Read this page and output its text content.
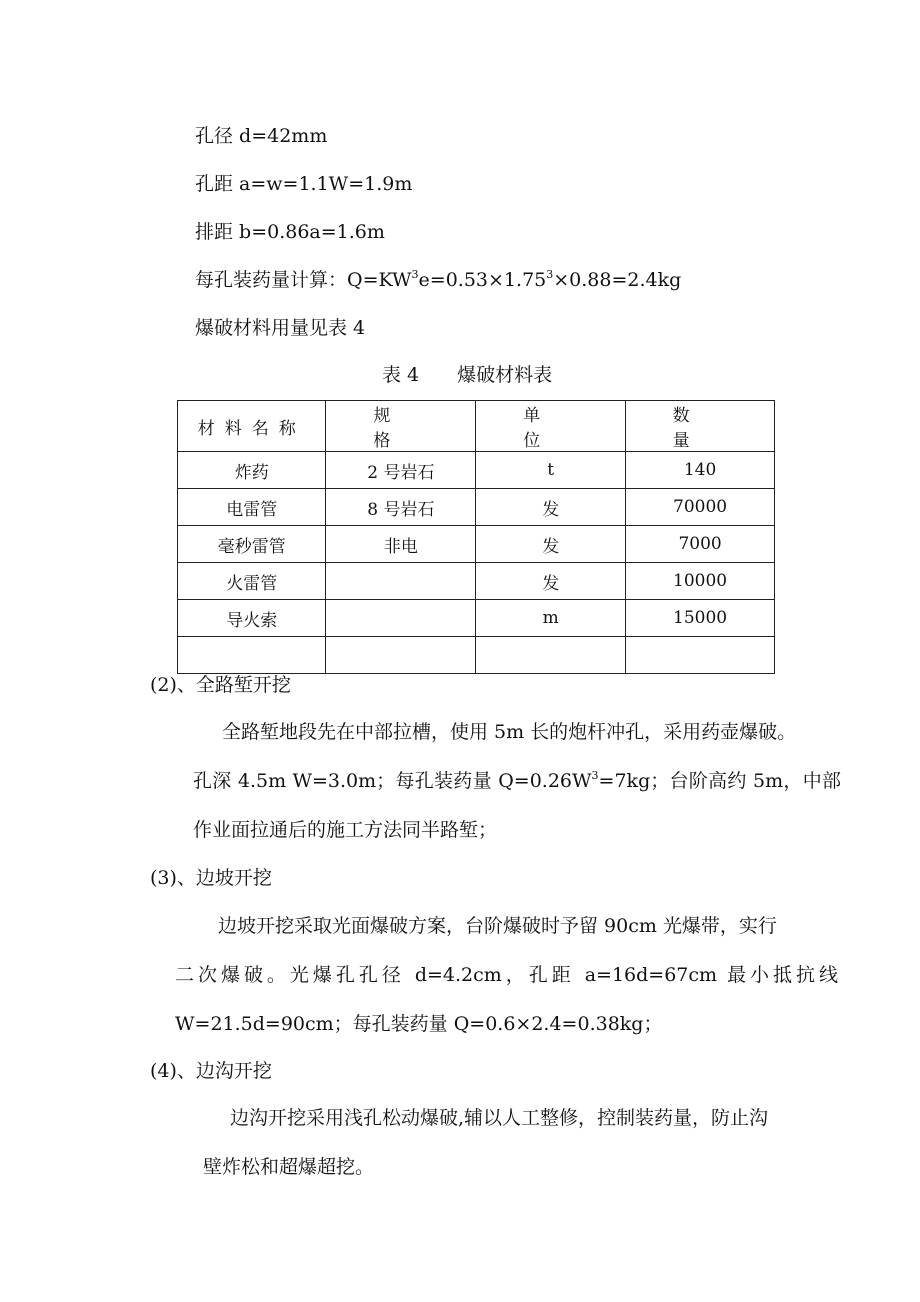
孔径 d=42mm
孔距 a=w=1.1W=1.9m
排距 b=0.86a=1.6m
每孔装药量计算：$Q=KW^3e=0.53\times 1.75^3\times 0.88=2.4kg$
爆破材料用量见表 4
表 4 爆破材料表
材料名称	规　格	单　位	数　量
炸药	2 号岩石	t	140
电雷管	8 号岩石	发	70000
毫秒雷管	非电	发	7000
火雷管		发	10000
导火索		m	15000

(2)、全路堑开挖
全路堑地段先在中部拉槽，使用 5m 长的炮杆冲孔，采用药壶爆破。
孔深 4.5m W=3.0m；每孔装药量 $Q=0.26W^3=7kg$；台阶高约 5m，中部
作业面拉通后的施工方法同半路堑；
(3)、边坡开挖
边坡开挖采取光面爆破方案，台阶爆破时予留 90cm 光爆带，实行
二次爆破。光爆孔孔径 d=4.2cm，孔距 a=16d=67cm 最小抵抗线
W=21.5d=90cm；每孔装药量 Q=0.6×2.4=0.38kg；
(4)、边沟开挖
边沟开挖采用浅孔松动爆破,辅以人工整修，控制装药量，防止沟
壁炸松和超爆超挖。
